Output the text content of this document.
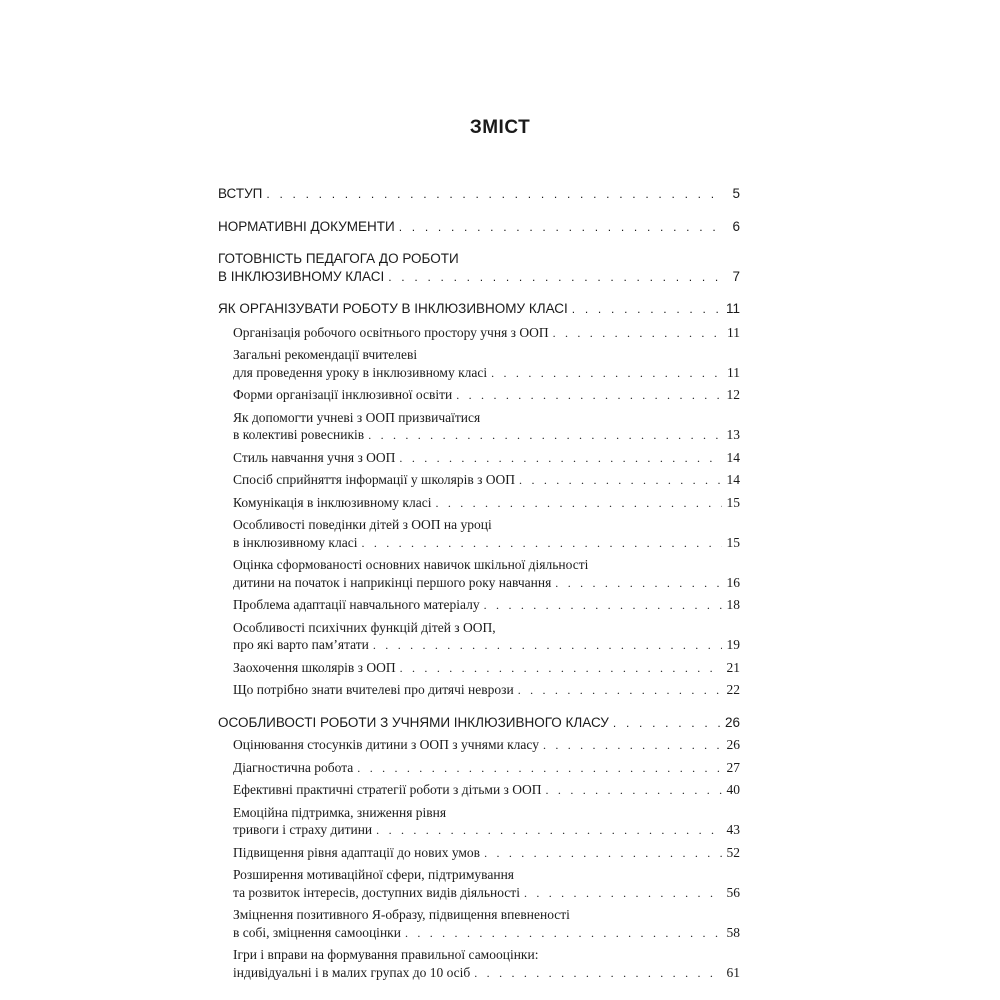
ЗМІСТ
ВСТУП . . .	5
НОРМАТИВНІ ДОКУМЕНТИ . . .	6
ГОТОВНІСТЬ ПЕДАГОГА ДО РОБОТИ
В ІНКЛЮЗИВНОМУ КЛАСІ . . .	7
ЯК ОРГАНІЗУВАТИ РОБОТУ В ІНКЛЮЗИВНОМУ КЛАСІ . . .	11
Організація робочого освітнього простору учня з ООП . . .	11
Загальні рекомендації вчителеві
для проведення уроку в інклюзивному класі . . .	11
Форми організації інклюзивної освіти . . .	12
Як допомогти учневі з ООП призвичаїтися
в колективі ровесників . . .	13
Стиль навчання учня з ООП . . .	14
Спосіб сприйняття інформації у школярів з ООП . . .	14
Комунікація в інклюзивному класі . . .	15
Особливості поведінки дітей з ООП на уроці
в інклюзивному класі . . .	15
Оцінка сформованості основних навичок шкільної діяльності
дитини на початок і наприкінці першого року навчання . . .	16
Проблема адаптації навчального матеріалу . . .	18
Особливості психічних функцій дітей з ООП,
про які варто пам’ятати . . .	19
Заохочення школярів з ООП . . .	21
Що потрібно знати вчителеві про дитячі неврози . . .	22
ОСОБЛИВОСТІ РОБОТИ З УЧНЯМИ ІНКЛЮЗИВНОГО КЛАСУ . . .	26
Оцінювання стосунків дитини з ООП з учнями класу . . .	26
Діагностична робота . . .	27
Ефективні практичні стратегії роботи з дітьми з ООП . . .	40
Емоційна підтримка, зниження рівня
тривоги і страху дитини . . .	43
Підвищення рівня адаптації до нових умов . . .	52
Розширення мотиваційної сфери, підтримування
та розвиток інтересів, доступних видів діяльності . . .	56
Зміцнення позитивного Я-образу, підвищення впевненості
в собі, зміцнення самооцінки . . .	58
Ігри і вправи на формування правильної самооцінки:
індивідуальні і в малих групах до 10 осіб . . .	61
